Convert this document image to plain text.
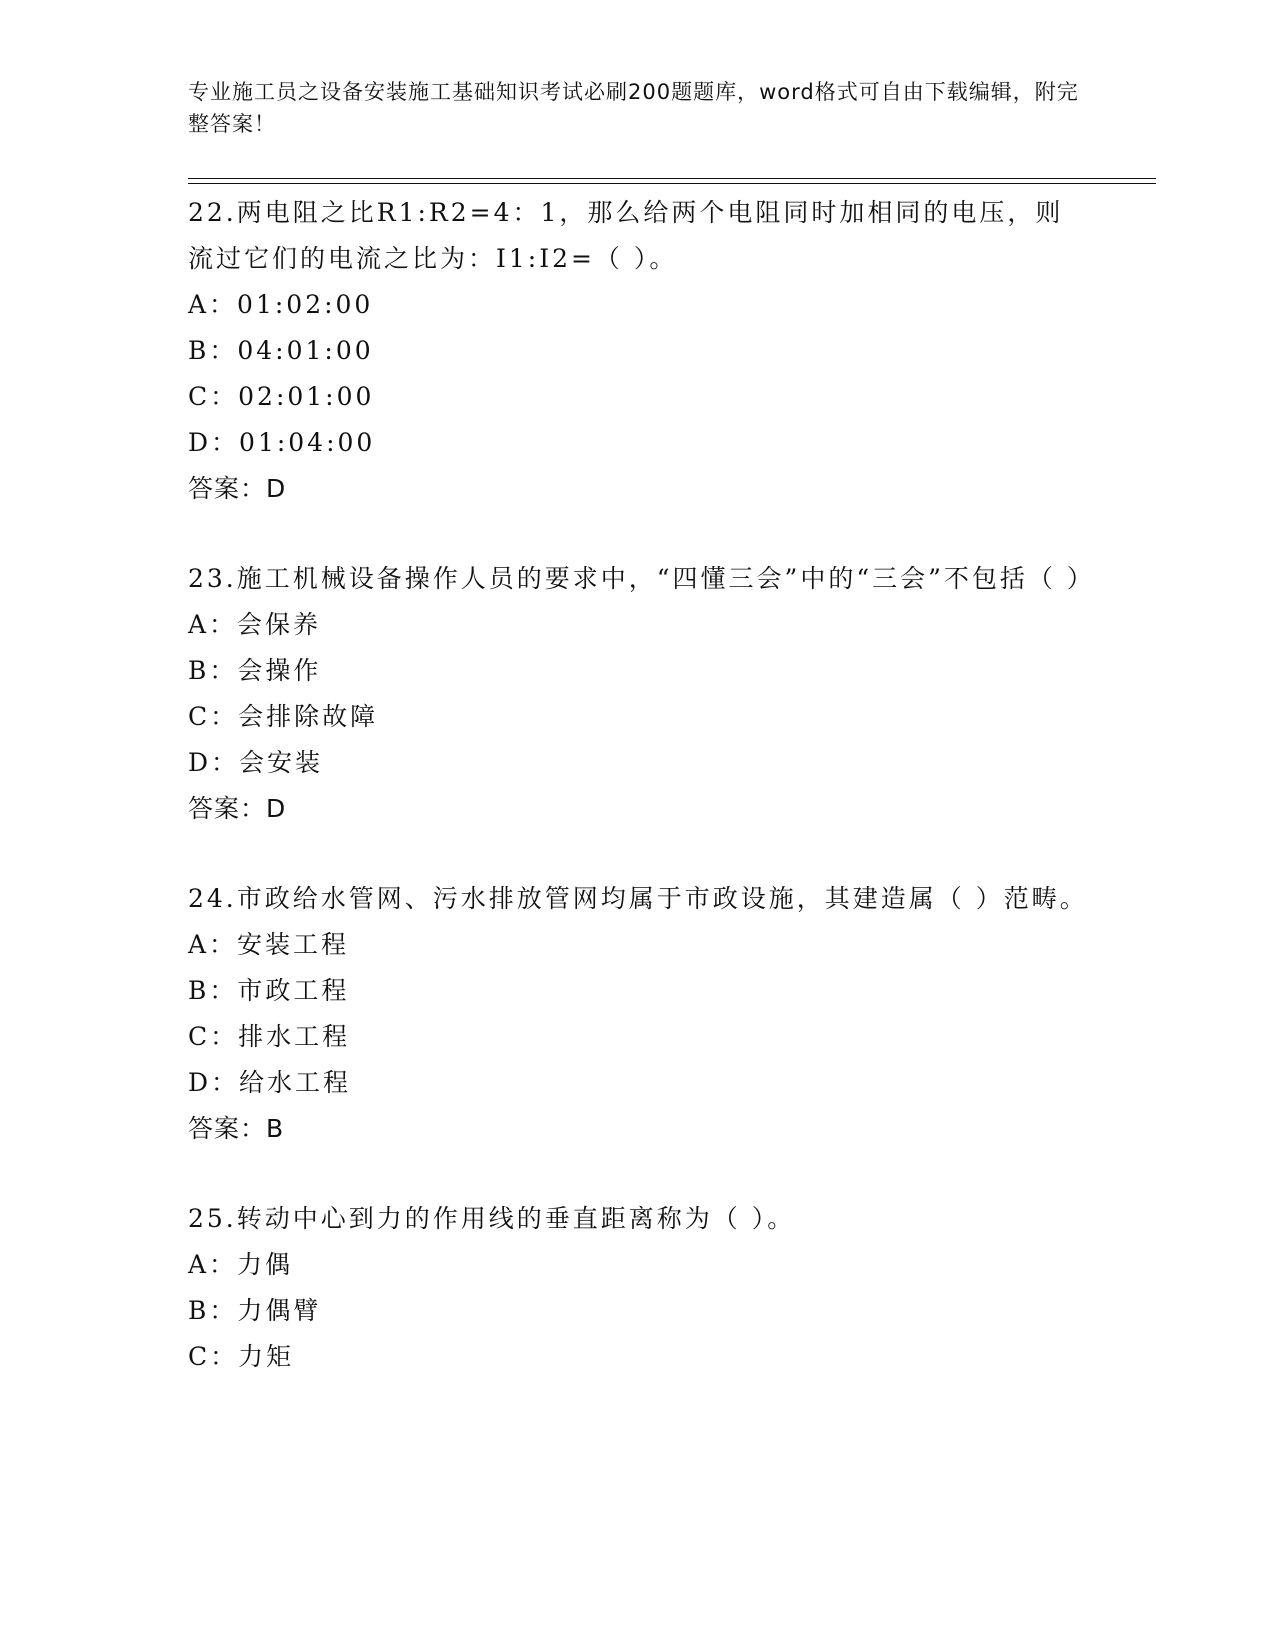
专业施工员之设备安装施工基础知识考试必刷200题题库，word格式可自由下载编辑，附完整答案！

22.两电阻之比R1:R2=4：1，那么给两个电阻同时加相同的电压，则流过它们的电流之比为：I1:I2=（ ）。

A：01:02:00

B：04:01:00

C：02:01:00

D：01:04:00

答案：D

23.施工机械设备操作人员的要求中，“四懂三会”中的“三会”不包括（ ）

A：会保养

B：会操作

C：会排除故障

D：会安装

答案：D

24.市政给水管网、污水排放管网均属于市政设施，其建造属（ ）范畴。

A：安装工程

B：市政工程

C：排水工程

D：给水工程

答案：B

25.转动中心到力的作用线的垂直距离称为（ ）。

A：力偶

B：力偶臂

C：力矩
